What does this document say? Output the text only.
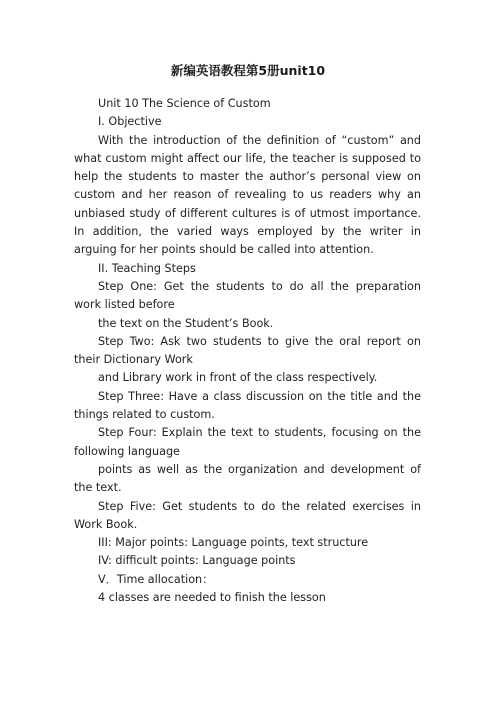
新编英语教程第5册unit10

Unit 10 The Science of Custom

I. Objective

With the introduction of the definition of “custom” and what custom might affect our life, the teacher is supposed to help the students to master the author’s personal view on custom and her reason of revealing to us readers why an unbiased study of different cultures is of utmost importance. In addition, the varied ways employed by the writer in arguing for her points should be called into attention.

II. Teaching Steps

Step One: Get the students to do all the preparation work listed before

the text on the Student’s Book.

Step Two: Ask two students to give the oral report on their Dictionary Work

and Library work in front of the class respectively.

Step Three: Have a class discussion on the title and the things related to custom.

Step Four: Explain the text to students, focusing on the following language

points as well as the organization and development of the text.

Step Five: Get students to do the related exercises in Work Book.

III: Major points: Language points, text structure

IV: difficult points: Language points

V．Time allocation：

4 classes are needed to finish the lesson
